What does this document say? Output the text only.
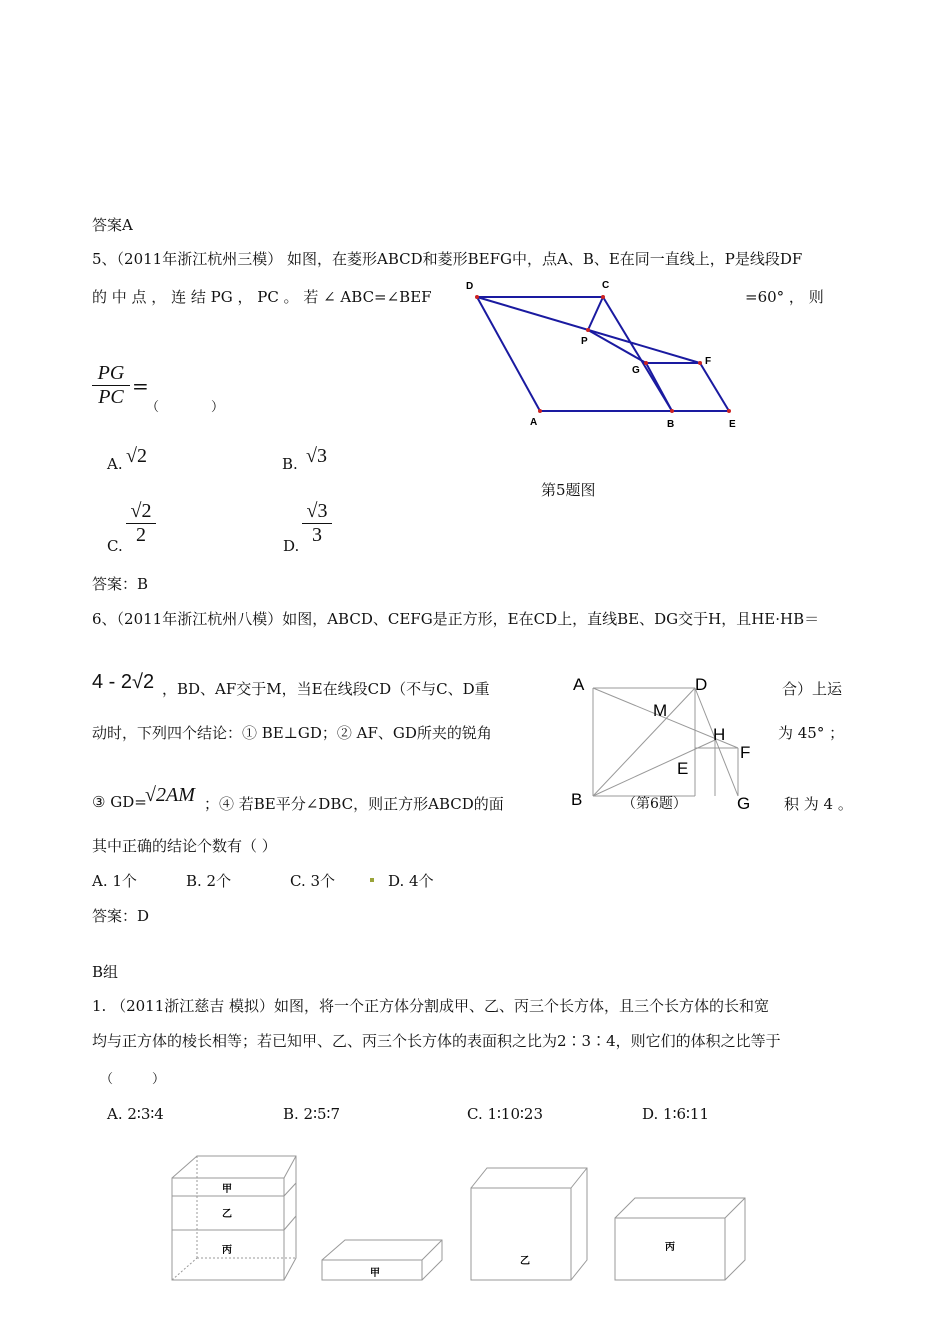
答案A
5、（2011年浙江杭州三模） 如图，在菱形ABCD和菱形BEFG中，点A、B、E在同一直线上，P是线段DF
的 中 点 ， 连 结 PG ， PC 。 若 ∠ ABC=∠BEF	=60° ， 则
PG
PC =
（　　　　）
A. √2	B. √3
C.
√2
2	D.
√3
3
D	C
P
G
F
A	B	E
第5题图
答案：B
6、（2011年浙江杭州八模）如图，ABCD、CEFG是正方形，E在CD上，直线BE、DG交于H，且HE·HB＝
4 - 2√2 ，BD、AF交于M，当E在线段CD（不与C、D重	合）上运
动时，下列四个结论：① BE⊥GD；② AF、GD所夹的锐角	为 45° ；
③ GD=
√2AM ；④ 若BE平分∠DBC，则正方形ABCD的面	积 为 4 。
A	D
M
H
F
E
B	G
（第6题）
其中正确的结论个数有（ ）
A. 1个	B. 2个	C. 3个	D. 4个
答案：D
B组
1. （2011浙江慈吉 模拟）如图，将一个正方体分割成甲、乙、丙三个长方体，且三个长方体的长和宽
均与正方体的棱长相等；若已知甲、乙、丙三个长方体的表面积之比为2∶3∶4，则它们的体积之比等于
（　　　）
A. 2∶3∶4	B. 2∶5∶7	C. 1∶10∶23	D. 1∶6∶11
甲
乙
丙
甲
乙
丙
